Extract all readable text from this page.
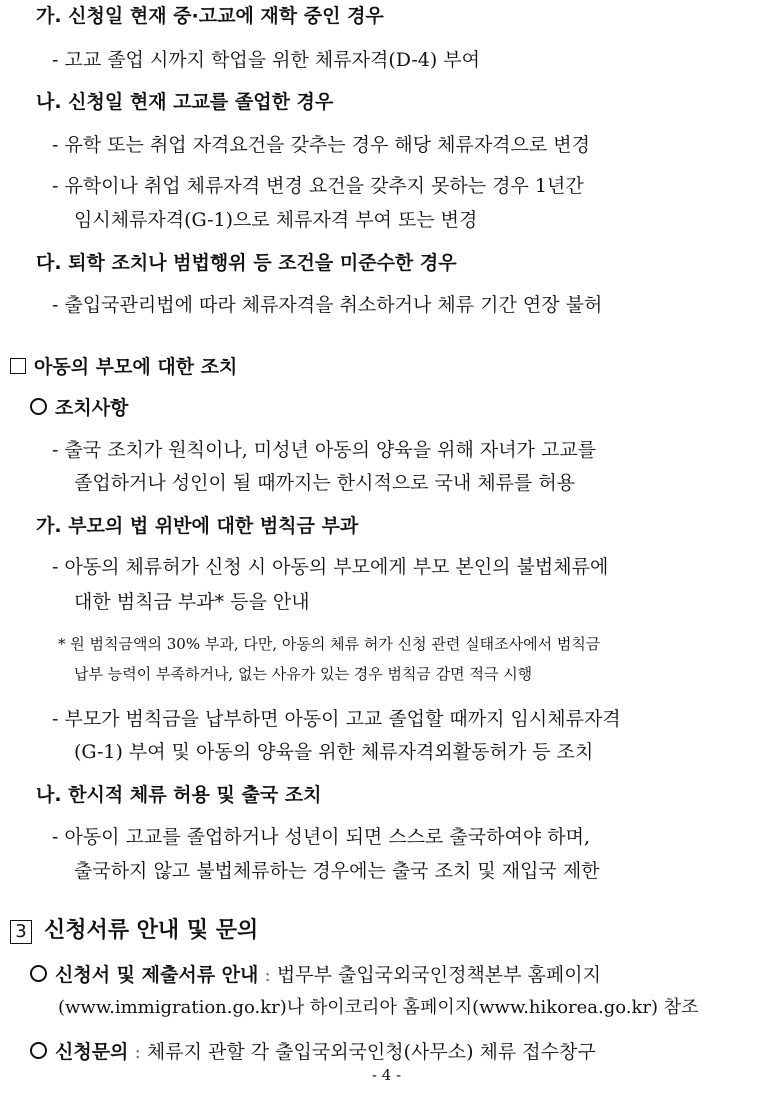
가. 신청일 현재 중·고교에 재학 중인 경우
- 고교 졸업 시까지 학업을 위한 체류자격(D-4) 부여
나. 신청일 현재 고교를 졸업한 경우
- 유학 또는 취업 자격요건을 갖추는 경우 해당 체류자격으로 변경
- 유학이나 취업 체류자격 변경 요건을 갖추지 못하는 경우 1년간
임시체류자격(G-1)으로 체류자격 부여 또는 변경
다. 퇴학 조치나 범법행위 등 조건을 미준수한 경우
- 출입국관리법에 따라 체류자격을 취소하거나 체류 기간 연장 불허
아동의 부모에 대한 조치
조치사항
- 출국 조치가 원칙이나, 미성년 아동의 양육을 위해 자녀가 고교를
졸업하거나 성인이 될 때까지는 한시적으로 국내 체류를 허용
가. 부모의 법 위반에 대한 범칙금 부과
- 아동의 체류허가 신청 시 아동의 부모에게 부모 본인의 불법체류에
대한 범칙금 부과* 등을 안내
* 원 범칙금액의 30% 부과, 다만, 아동의 체류 허가 신청 관련 실태조사에서 범칙금
납부 능력이 부족하거나, 없는 사유가 있는 경우 범칙금 감면 적극 시행
- 부모가 범칙금을 납부하면 아동이 고교 졸업할 때까지 임시체류자격
(G-1) 부여 및 아동의 양육을 위한 체류자격외활동허가 등 조치
나. 한시적 체류 허용 및 출국 조치
- 아동이 고교를 졸업하거나 성년이 되면 스스로 출국하여야 하며,
출국하지 않고 불법체류하는 경우에는 출국 조치 및 재입국 제한
3 신청서류 안내 및 문의
신청서 및 제출서류 안내 : 법무부 출입국외국인정책본부 홈페이지
(www.immigration.go.kr)나 하이코리아 홈페이지(www.hikorea.go.kr) 참조
신청문의 : 체류지 관할 각 출입국외국인청(사무소) 체류 접수창구
- 4 -
